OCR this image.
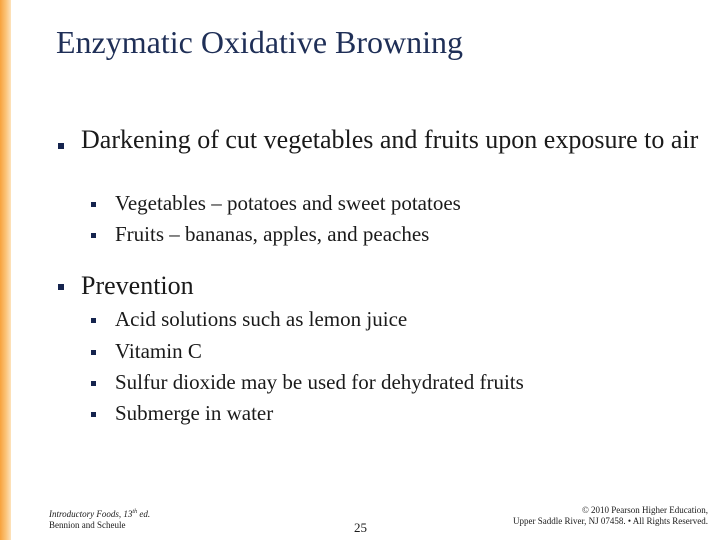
Enzymatic Oxidative Browning
Darkening of cut vegetables and fruits upon exposure to air
Vegetables – potatoes and sweet potatoes
Fruits – bananas, apples, and peaches
Prevention
Acid solutions such as lemon juice
Vitamin C
Sulfur dioxide may be used for dehydrated fruits
Submerge in water
Introductory Foods, 13th ed.
Bennion and Scheule	25
© 2010 Pearson Higher Education,
Upper Saddle River, NJ 07458. • All Rights Reserved.
